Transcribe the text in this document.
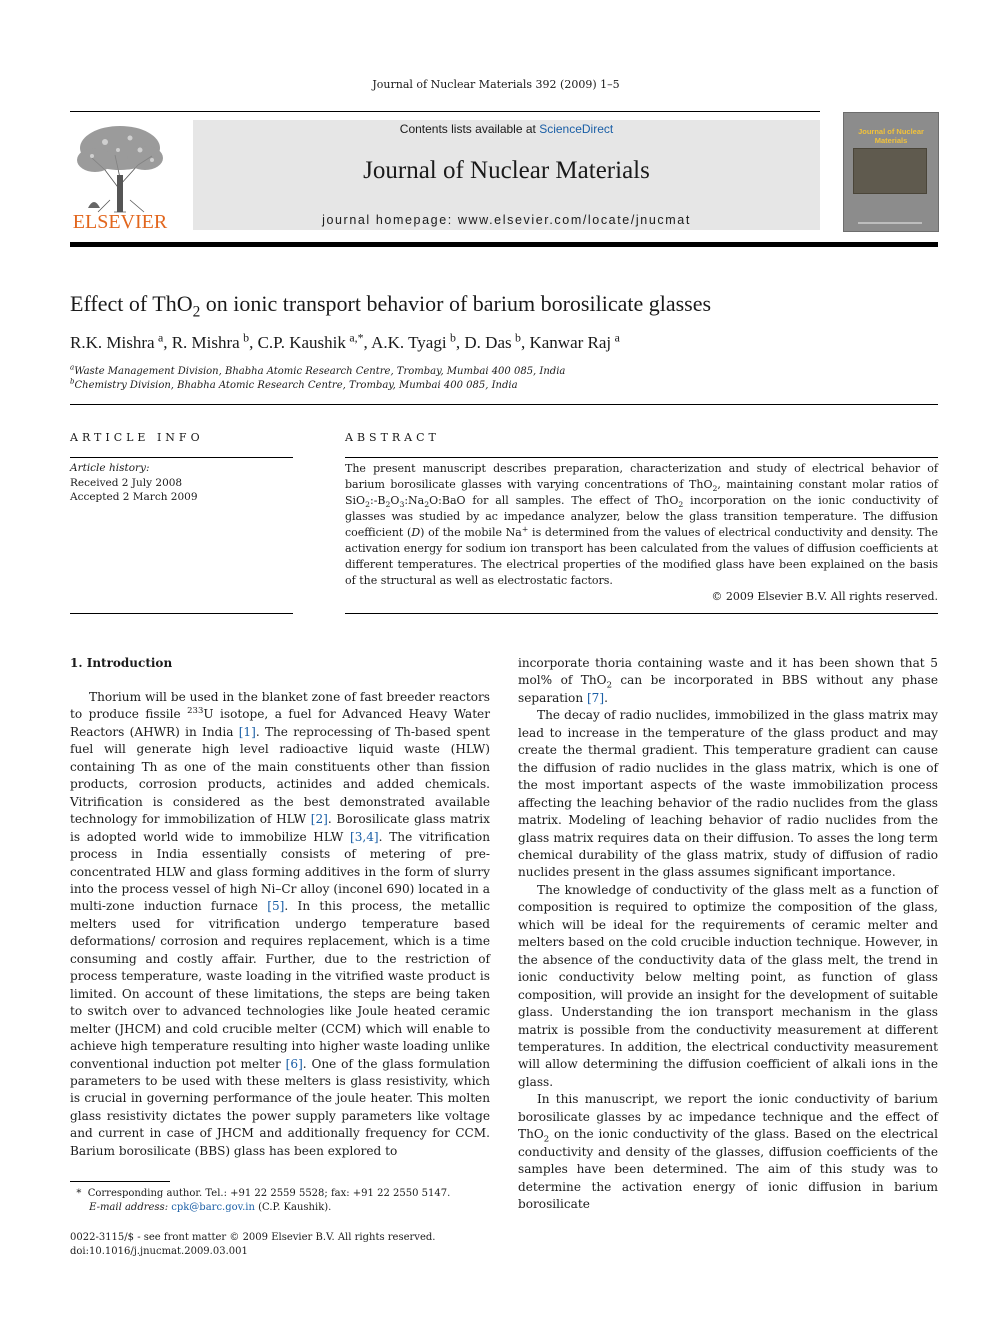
Journal of Nuclear Materials 392 (2009) 1–5
ELSEVIER
Contents lists available at ScienceDirect
Journal of Nuclear Materials
journal homepage: www.elsevier.com/locate/jnucmat
Journal of Nuclear Materials
Effect of ThO$_2$ on ionic transport behavior of barium borosilicate glasses
R.K. Mishra  $^a$, R. Mishra  $^b$, C.P. Kaushik  $^{a,*}$, A.K. Tyagi  $^b$, D. Das  $^b$, Kanwar Raj  $^a$
$^a$Waste Management Division, Bhabha Atomic Research Centre, Trombay, Mumbai 400 085, India
$^b$Chemistry Division, Bhabha Atomic Research Centre, Trombay, Mumbai 400 085, India
ARTICLE INFO	ABSTRACT
Article history:
Received 2 July 2008
Accepted 2 March 2009
The present manuscript describes preparation, characterization and study of electrical behavior of barium borosilicate glasses with varying concentrations of ThO$_2$, maintaining constant molar ratios of $SiO_2:-B_2O_3:Na_2O:BaO$ for all samples. The effect of ThO$_2$ incorporation on the ionic conductivity of glasses was studied by ac impedance analyzer, below the glass transition temperature. The diffusion coefficient (D) of the mobile Na+ is determined from the values of electrical conductivity and density. The activation energy for sodium ion transport has been calculated from the values of diffusion coefficients at different temperatures. The electrical properties of the modified glass have been explained on the basis of the structural as well as electrostatic factors.
© 2009 Elsevier B.V. All rights reserved.
1. Introduction

Thorium will be used in the blanket zone of fast breeder reactors to produce fissile $^{233}$U isotope, a fuel for Advanced Heavy Water Reactors (AHWR) in India [1]. The reprocessing of Th-based spent fuel will generate high level radioactive liquid waste (HLW) containing Th as one of the main constituents other than fission products, corrosion products, actinides and added chemicals. Vitrification is considered as the best demonstrated available technology for immobilization of HLW [2]. Borosilicate glass matrix is adopted world wide to immobilize HLW [3,4]. The vitrification process in India essentially consists of metering of pre-concentrated HLW and glass forming additives in the form of slurry into the process vessel of high Ni–Cr alloy (inconel 690) located in a multi-zone induction furnace [5]. In this process, the metallic melters used for vitrification undergo temperature based deformations/ corrosion and requires replacement, which is a time consuming and costly affair. Further, due to the restriction of process temperature, waste loading in the vitrified waste product is limited. On account of these limitations, the steps are being taken to switch over to advanced technologies like Joule heated ceramic melter (JHCM) and cold crucible melter (CCM) which will enable to achieve high temperature resulting into higher waste loading unlike conventional induction pot melter [6]. One of the glass formulation parameters to be used with these melters is glass resistivity, which is crucial in governing performance of the joule heater. This molten glass resistivity dictates the power supply parameters like voltage and current in case of JHCM and additionally frequency for CCM. Barium borosilicate (BBS) glass has been explored to

incorporate thoria containing waste and it has been shown that 5 mol% of ThO$_2$ can be incorporated in BBS without any phase separation [7].

The decay of radio nuclides, immobilized in the glass matrix may lead to increase in the temperature of the glass product and may create the thermal gradient. This temperature gradient can cause the diffusion of radio nuclides in the glass matrix, which is one of the most important aspects of the waste immobilization process affecting the leaching behavior of the radio nuclides from the glass matrix. Modeling of leaching behavior of radio nuclides from the glass matrix requires data on their diffusion. To asses the long term chemical durability of the glass matrix, study of diffusion of radio nuclides present in the glass assumes significant importance.

The knowledge of conductivity of the glass melt as a function of composition is required to optimize the composition of the glass, which will be ideal for the requirements of ceramic melter and melters based on the cold crucible induction technique. However, in the absence of the conductivity data of the glass melt, the trend in ionic conductivity below melting point, as function of glass composition, will provide an insight for the development of suitable glass. Understanding the ion transport mechanism in the glass matrix is possible from the conductivity measurement at different temperatures. In addition, the electrical conductivity measurement will allow determining the diffusion coefficient of alkali ions in the glass.

In this manuscript, we report the ionic conductivity of barium borosilicate glasses by ac impedance technique and the effect of ThO$_2$ on the ionic conductivity of the glass. Based on the electrical conductivity and density of the glasses, diffusion coefficients of the samples have been determined. The aim of this study was to determine the activation energy of ionic diffusion in barium borosilicate

*  Corresponding author. Tel.: +91 22 2559 5528; fax: +91 22 2550 5147.
E-mail address: cpk@barc.gov.in (C.P. Kaushik).
0022-3115/$ - see front matter © 2009 Elsevier B.V. All rights reserved.
doi:10.1016/j.jnucmat.2009.03.001
